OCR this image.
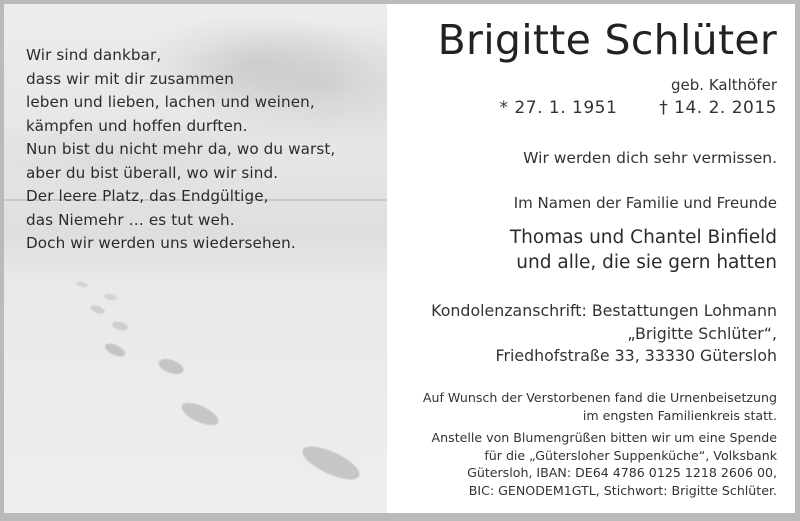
Wir sind dankbar,
dass wir mit dir zusammen
leben und lieben, lachen und weinen,
kämpfen und hoffen durften.
Nun bist du nicht mehr da, wo du warst,
aber du bist überall, wo wir sind.
Der leere Platz, das Endgültige,
das Niemehr … es tut weh.
Doch wir werden uns wiedersehen.
Brigitte Schlüter
geb. Kalthöfer
* 27. 1. 1951 † 14. 2. 2015
Wir werden dich sehr vermissen.
Im Namen der Familie und Freunde
Thomas und Chantel Binfield
und alle, die sie gern hatten
Kondolenzanschrift: Bestattungen Lohmann
„Brigitte Schlüter“,
Friedhofstraße 33, 33330 Gütersloh
Auf Wunsch der Verstorbenen fand die Urnenbeisetzung
im engsten Familienkreis statt.
Anstelle von Blumengrüßen bitten wir um eine Spende
für die „Gütersloher Suppenküche“, Volksbank
Gütersloh, IBAN: DE64 4786 0125 1218 2606 00,
BIC: GENODEM1GTL, Stichwort: Brigitte Schlüter.
